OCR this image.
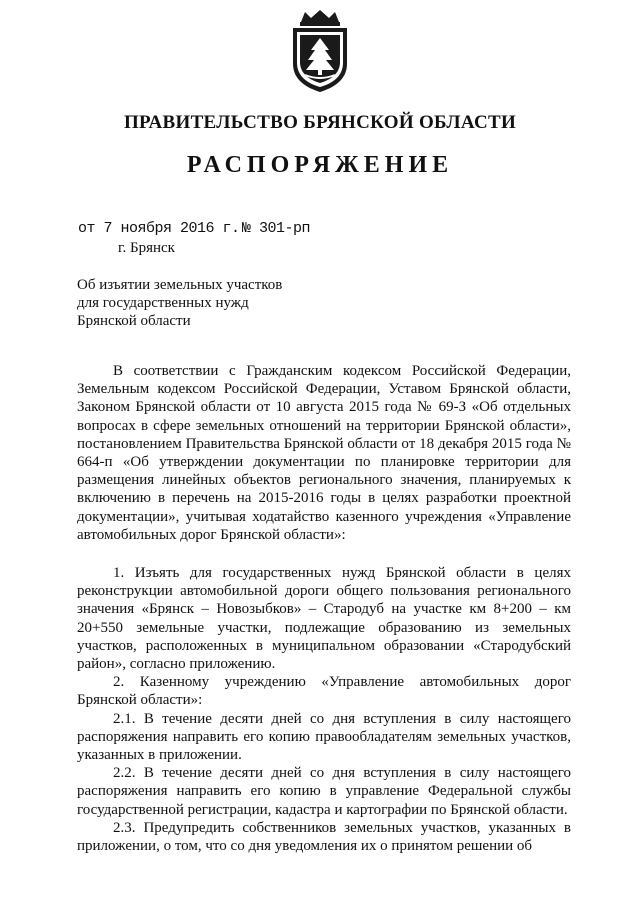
ПРАВИТЕЛЬСТВО БРЯНСКОЙ ОБЛАСТИ
РАСПОРЯЖЕНИЕ
от 7 ноября 2016 г. № 301-рп
г. Брянск
Об изъятии земельных участков для государственных нужд Брянской области

В соответствии с Гражданским кодексом Российской Федерации, Земельным кодексом Российской Федерации, Уставом Брянской области, Законом Брянской области от 10 августа 2015 года № 69-З «Об отдельных вопросах в сфере земельных отношений на территории Брянской области», постановлением Правительства Брянской области от 18 декабря 2015 года № 664-п «Об утверждении документации по планировке территории для размещения линейных объектов регионального значения, планируемых к включению в перечень на 2015-2016 годы в целях разработки проектной документации», учитывая ходатайство казенного учреждения «Управление автомобильных дорог Брянской области»:

1. Изъять для государственных нужд Брянской области в целях реконструкции автомобильной дороги общего пользования регионального значения «Брянск – Новозыбков» – Стародуб на участке км 8+200 – км 20+550 земельные участки, подлежащие образованию из земельных участков, расположенных в муниципальном образовании «Стародубский район», согласно приложению.

2. Казенному учреждению «Управление автомобильных дорог Брянской области»:

2.1. В течение десяти дней со дня вступления в силу настоящего распоряжения направить его копию правообладателям земельных участков, указанных в приложении.

2.2. В течение десяти дней со дня вступления в силу настоящего распоряжения направить его копию в управление Федеральной службы государственной регистрации, кадастра и картографии по Брянской области.

2.3. Предупредить собственников земельных участков, указанных в приложении, о том, что со дня уведомления их о принятом решении об
